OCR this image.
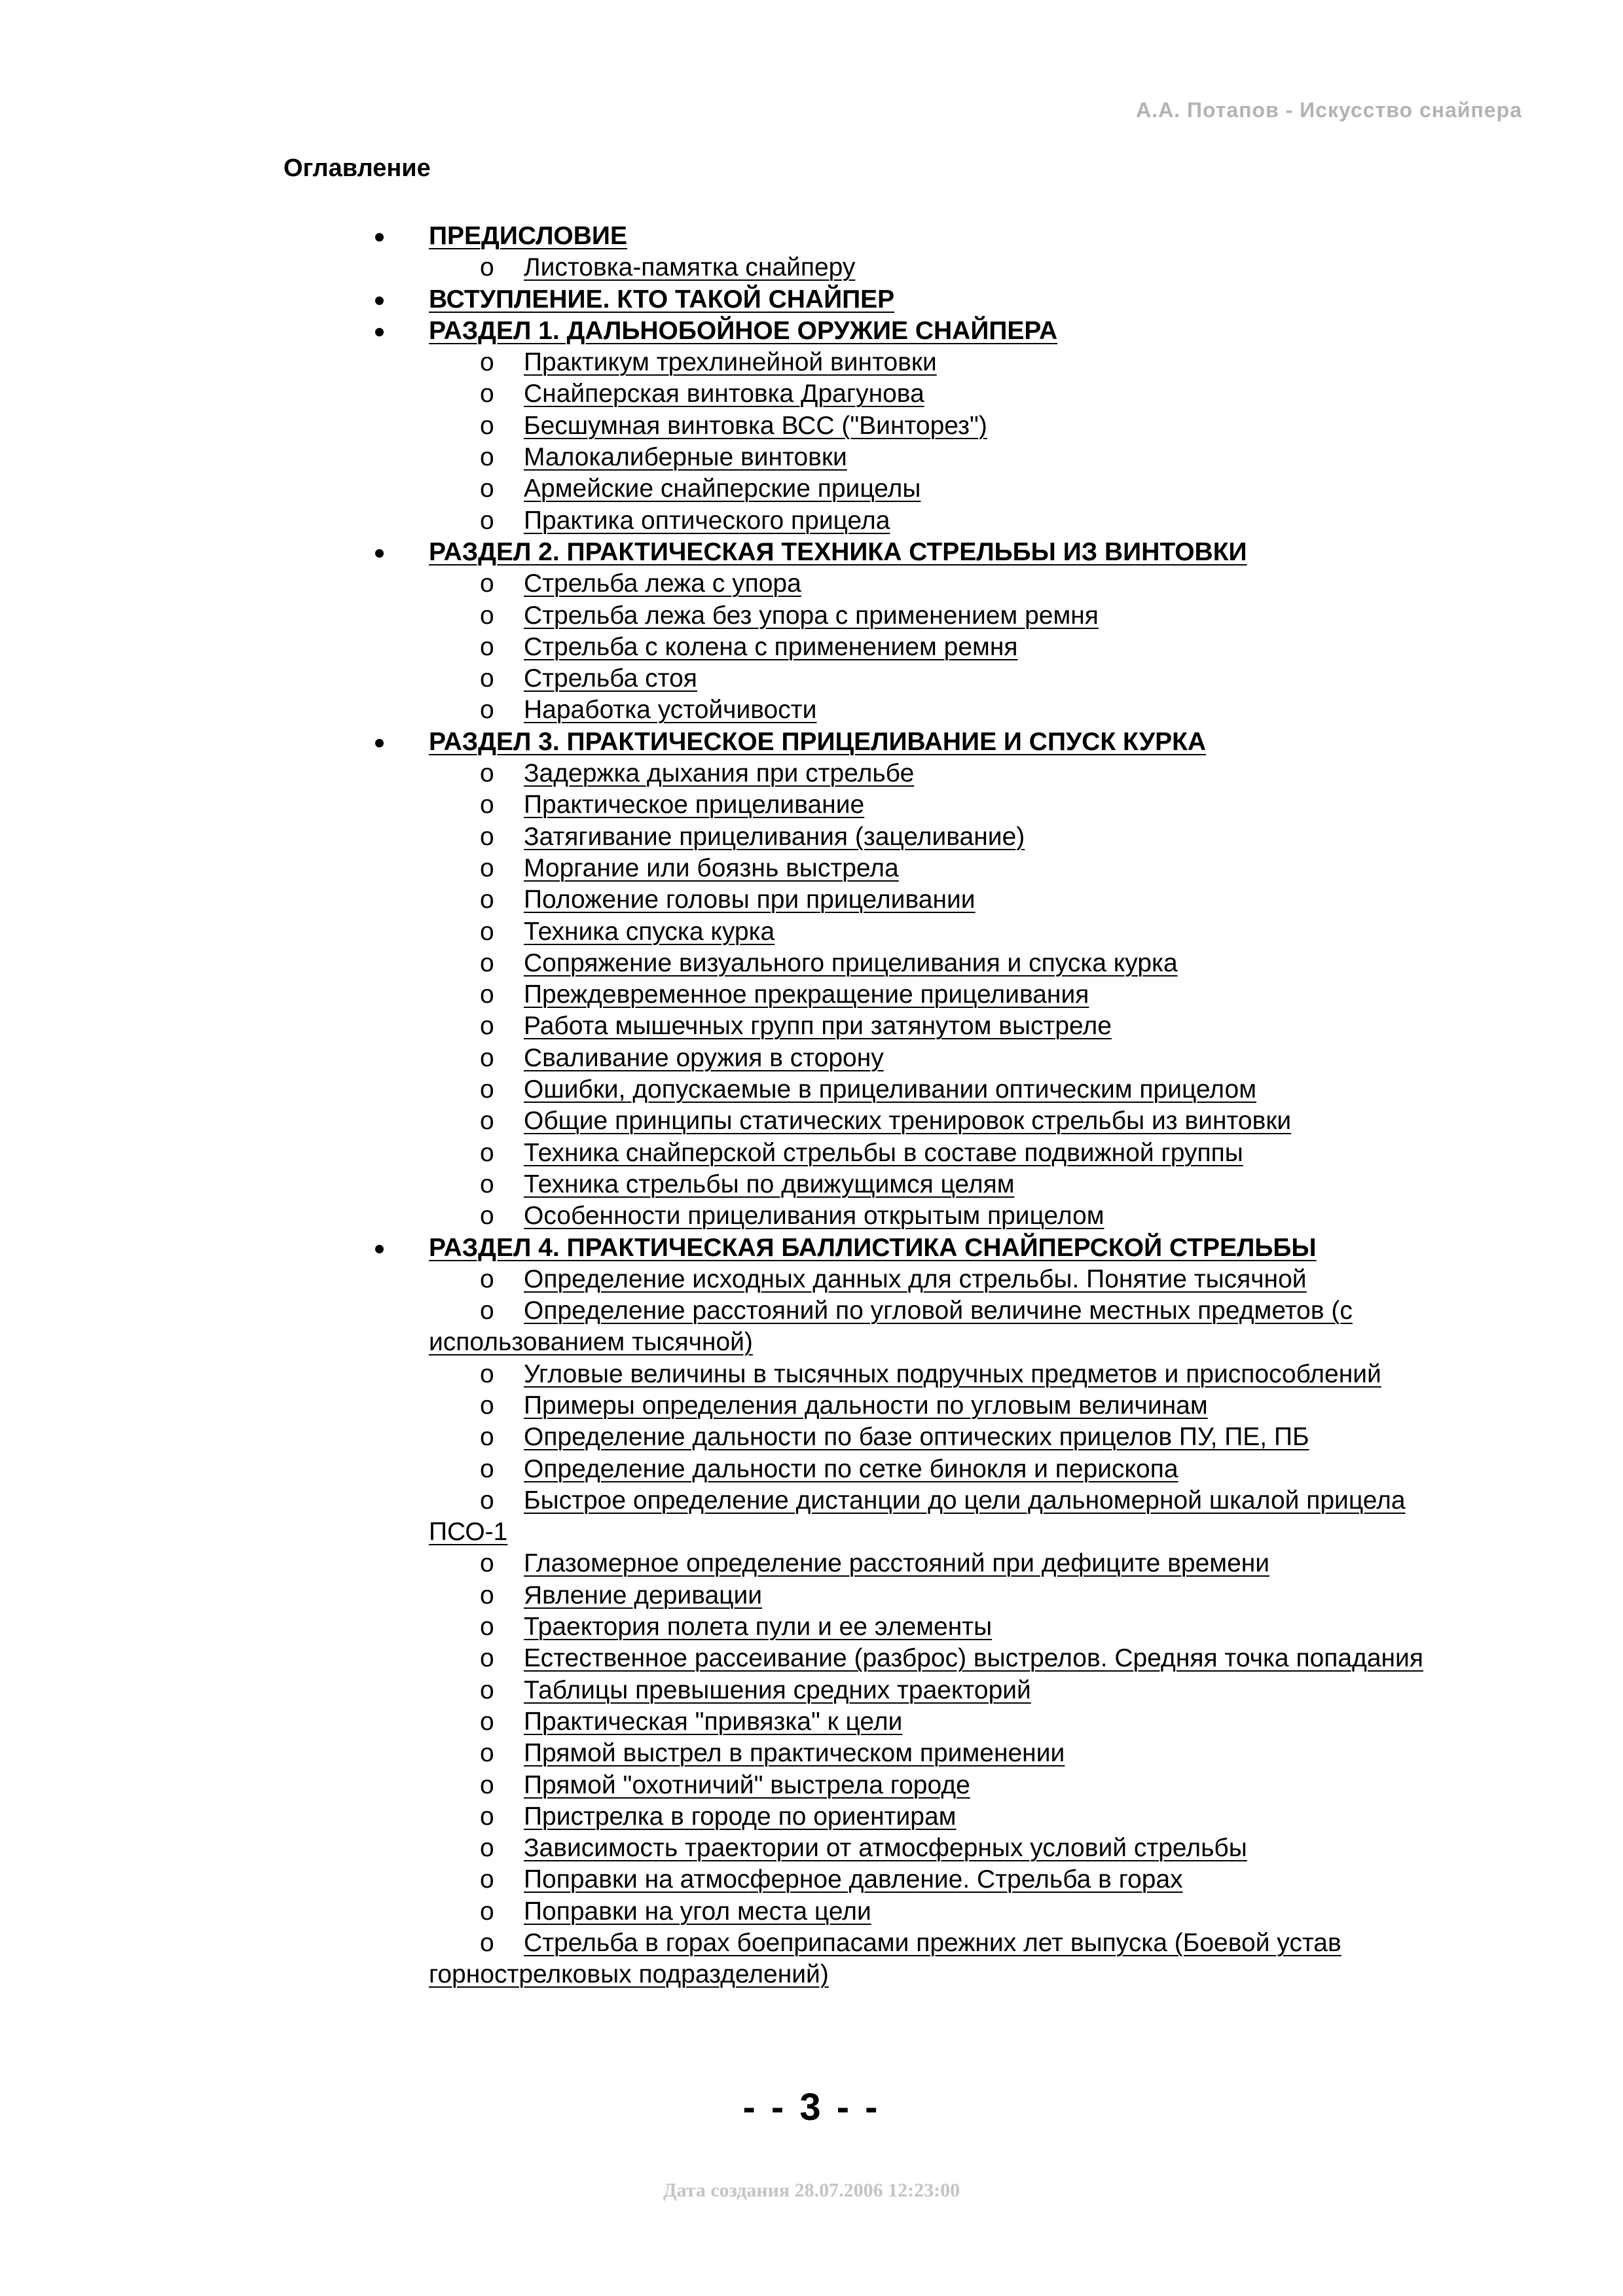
А.А. Потапов - Искусство снайпера
Оглавление
ПРЕДИСЛОВИЕ
o Листовка-памятка снайперу
ВСТУПЛЕНИЕ. КТО ТАКОЙ СНАЙПЕР
РАЗДЕЛ 1. ДАЛЬНОБОЙНОЕ ОРУЖИЕ СНАЙПЕРА
o Практикум трехлинейной винтовки
o Снайперская винтовка Драгунова
o Бесшумная винтовка ВСС ("Винторез")
o Малокалиберные винтовки
o Армейские снайперские прицелы
o Практика оптического прицела
РАЗДЕЛ 2. ПРАКТИЧЕСКАЯ ТЕХНИКА СТРЕЛЬБЫ ИЗ ВИНТОВКИ
o Стрельба лежа с упора
o Стрельба лежа без упора с применением ремня
o Стрельба с колена с применением ремня
o Стрельба стоя
o Наработка устойчивости
РАЗДЕЛ 3. ПРАКТИЧЕСКОЕ ПРИЦЕЛИВАНИЕ И СПУСК КУРКА
o Задержка дыхания при стрельбе
o Практическое прицеливание
o Затягивание прицеливания (зацеливание)
o Моргание или боязнь выстрела
o Положение головы при прицеливании
o Техника спуска курка
o Сопряжение визуального прицеливания и спуска курка
o Преждевременное прекращение прицеливания
o Работа мышечных групп при затянутом выстреле
o Сваливание оружия в сторону
o Ошибки, допускаемые в прицеливании оптическим прицелом
o Общие принципы статических тренировок стрельбы из винтовки
o Техника снайперской стрельбы в составе подвижной группы
o Техника стрельбы по движущимся целям
o Особенности прицеливания открытым прицелом
РАЗДЕЛ 4. ПРАКТИЧЕСКАЯ БАЛЛИСТИКА СНАЙПЕРСКОЙ СТРЕЛЬБЫ
o Определение исходных данных для стрельбы. Понятие тысячной
o Определение расстояний по угловой величине местных предметов (с использованием тысячной)
o Угловые величины в тысячных подручных предметов и приспособлений
o Примеры определения дальности по угловым величинам
o Определение дальности по базе оптических прицелов ПУ, ПЕ, ПБ
o Определение дальности по сетке бинокля и перископа
o Быстрое определение дистанции до цели дальномерной шкалой прицела ПСО-1
o Глазомерное определение расстояний при дефиците времени
o Явление деривации
o Траектория полета пули и ее элементы
o Естественное рассеивание (разброс) выстрелов. Средняя точка попадания
o Таблицы превышения средних траекторий
o Практическая "привязка" к цели
o Прямой выстрел в практическом применении
o Прямой "охотничий" выстрела городе
o Пристрелка в городе по ориентирам
o Зависимость траектории от атмосферных условий стрельбы
o Поправки на атмосферное давление. Стрельба в горах
o Поправки на угол места цели
o Стрельба в горах боеприпасами прежних лет выпуска (Боевой устав горнострелковых подразделений)
- - 3 - -
Дата создания 28.07.2006 12:23:00
